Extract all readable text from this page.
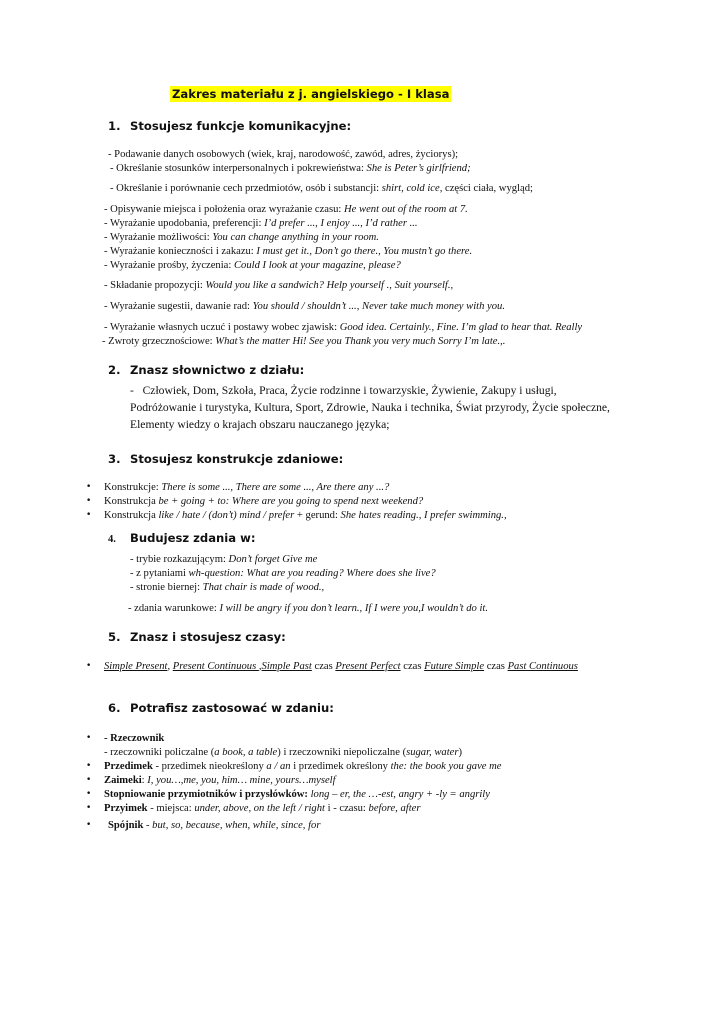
Zakres materiału z j. angielskiego - I klasa
1. Stosujesz funkcje komunikacyjne:
- Podawanie danych osobowych (wiek, kraj, narodowość, zawód, adres, życiorys);
- Określanie stosunków interpersonalnych i pokrewieństwa: She is Peter’s girlfriend;
- Określanie i porównanie cech przedmiotów, osób i substancji: shirt, cold ice, części ciała, wygląd;
- Opisywanie miejsca i położenia oraz wyrażanie czasu: He went out of the room at 7.
- Wyrażanie upodobania, preferencji: I’d prefer ..., I enjoy ..., I’d rather ...
- Wyrażanie możliwości: You can change anything in your room.
- Wyrażanie konieczności i zakazu: I must get it., Don’t go there., You mustn’t go there.
- Wyrażanie prośby, życzenia: Could I look at your magazine, please?
- Składanie propozycji: Would you like a sandwich? Help yourself ., Suit yourself.,
- Wyrażanie sugestii, dawanie rad: You should / shouldn’t ..., Never take much money with you.
- Wyrażanie własnych uczuć i postawy wobec zjawisk: Good idea. Certainly., Fine. I’m glad to hear that. Really
- Zwroty grzecznościowe: What’s the matter Hi! See you Thank you very much Sorry I’m late.,.
2. Znasz słownictwo z działu:
- Człowiek, Dom, Szkoła, Praca, Życie rodzinne i towarzyskie, Żywienie, Zakupy i usługi,
Podróżowanie i turystyka, Kultura, Sport, Zdrowie, Nauka i technika, Świat przyrody, Życie społeczne,
Elementy wiedzy o krajach obszaru nauczanego języka;
3. Stosujesz konstrukcje zdaniowe:
• Konstrukcje: There is some ..., There are some ..., Are there any ...?
• Konstrukcja be + going + to: Where are you going to spend next weekend?
• Konstrukcja like / hate / (don’t) mind / prefer + gerund: She hates reading., I prefer swimming.,
4. Budujesz zdania w:
- trybie rozkazującym: Don’t forget Give me
- z pytaniami wh-question: What are you reading? Where does she live?
- stronie biernej: That chair is made of wood.,
- zdania warunkowe: I will be angry if you don’t learn., If I were you,I wouldn’t do it.
5. Znasz i stosujesz czasy:
• Simple Present, Present Continuous ,Simple Past czas Present Perfect czas Future Simple czas Past Continuous
6. Potrafisz zastosować w zdaniu:
• - Rzeczownik
- rzeczowniki policzalne (a book, a table) i rzeczowniki niepoliczalne (sugar, water)
• Przedimek - przedimek nieokreślony a / an i przedimek określony the: the book you gave me
• Zaimeki: I, you…,me, you, him… mine, yours…myself
• Stopniowanie przymiotników i przysłówków: long – er, the …-est, angry + -ly = angrily
• Przyimek - miejsca: under, above, on the left / right i - czasu: before, after
• Spójnik - but, so, because, when, while, since, for
